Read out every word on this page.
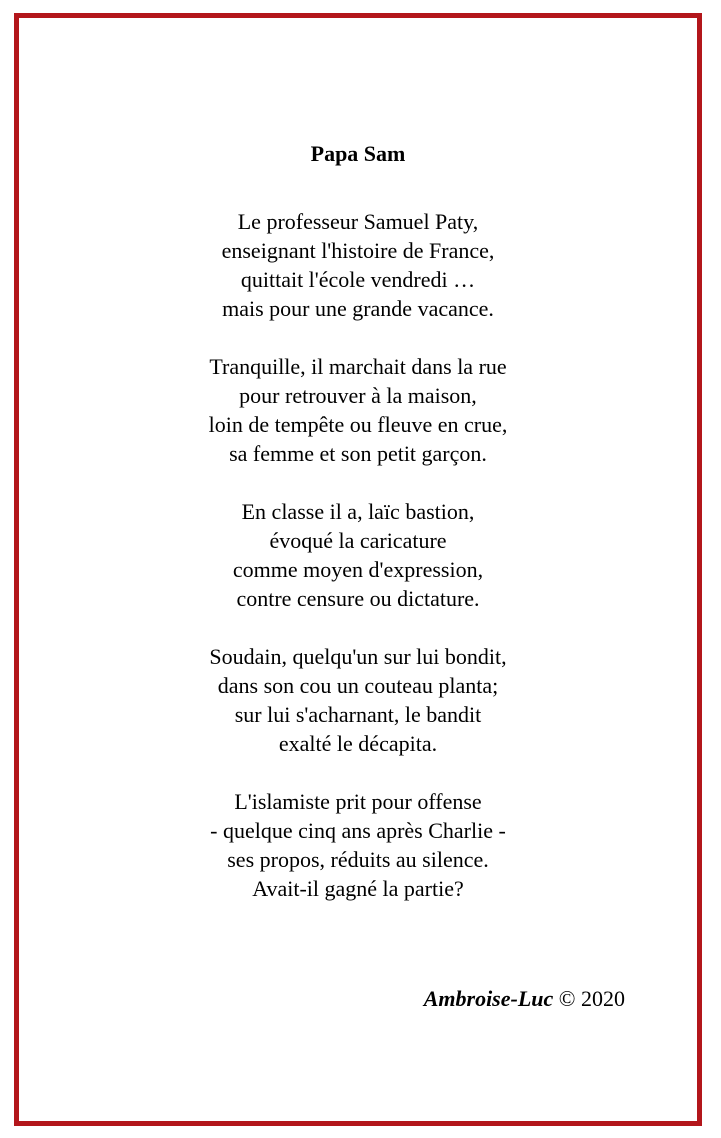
Papa Sam
Le professeur Samuel Paty,
enseignant l'histoire de France,
quittait l'école vendredi …
mais pour une grande vacance.
Tranquille, il marchait dans la rue
pour retrouver à la maison,
loin de tempête ou fleuve en crue,
sa femme et son petit garçon.
En classe il a, laïc bastion,
évoqué la caricature
comme moyen d'expression,
contre censure ou dictature.
Soudain, quelqu'un sur lui bondit,
dans son cou un couteau planta;
sur lui s'acharnant, le bandit
exalté le décapita.
L'islamiste prit pour offense
- quelque cinq ans après Charlie -
ses propos, réduits au silence.
Avait-il gagné la partie?
Ambroise-Luc © 2020
